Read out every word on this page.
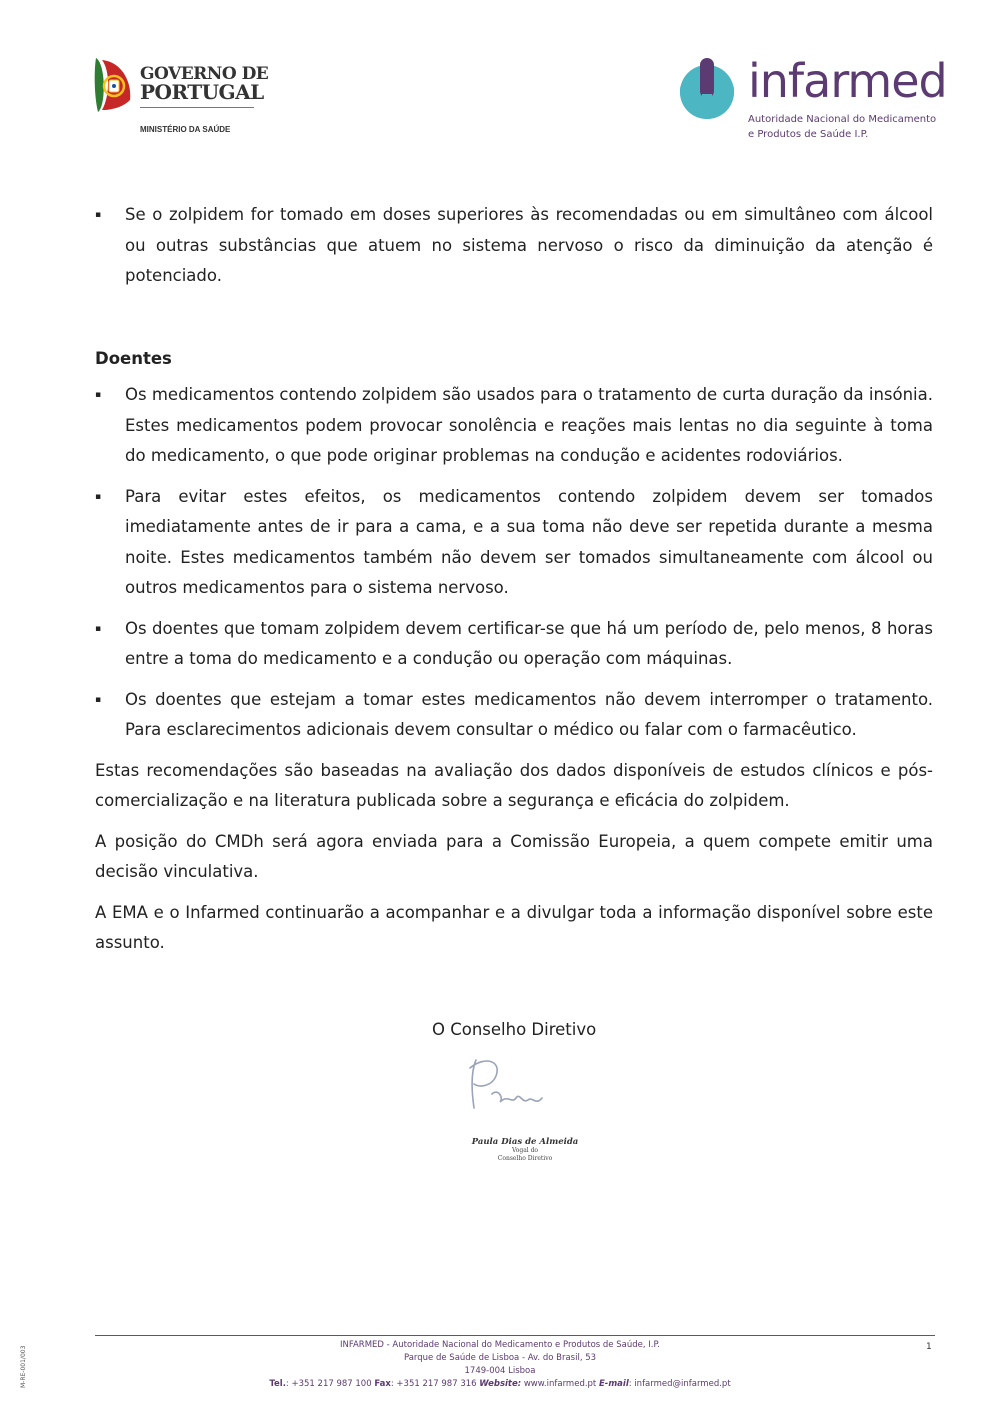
GOVERNO DE
PORTUGAL
MINISTÉRIO DA SAÚDE
infarmed
Autoridade Nacional do Medicamento
e Produtos de Saúde I.P.
▪ Se o zolpidem for tomado em doses superiores às recomendadas ou em simultâneo com álcool ou outras substâncias que atuem no sistema nervoso o risco da diminuição da atenção é potenciado.
Doentes
▪ Os medicamentos contendo zolpidem são usados para o tratamento de curta duração da insónia. Estes medicamentos podem provocar sonolência e reações mais lentas no dia seguinte à toma do medicamento, o que pode originar problemas na condução e acidentes rodoviários.
▪ Para evitar estes efeitos, os medicamentos contendo zolpidem devem ser tomados imediatamente antes de ir para a cama, e a sua toma não deve ser repetida durante a mesma noite. Estes medicamentos também não devem ser tomados simultaneamente com álcool ou outros medicamentos para o sistema nervoso.
▪ Os doentes que tomam zolpidem devem certificar-se que há um período de, pelo menos, 8 horas entre a toma do medicamento e a condução ou operação com máquinas.
▪ Os doentes que estejam a tomar estes medicamentos não devem interromper o tratamento. Para esclarecimentos adicionais devem consultar o médico ou falar com o farmacêutico.

Estas recomendações são baseadas na avaliação dos dados disponíveis de estudos clínicos e pós-comercialização e na literatura publicada sobre a segurança e eficácia do zolpidem.

A posição do CMDh será agora enviada para a Comissão Europeia, a quem compete emitir uma decisão vinculativa.

A EMA e o Infarmed continuarão a acompanhar e a divulgar toda a informação disponível sobre este assunto.

O Conselho Diretivo
Paula Dias de Almeida
Vogal do
Conselho Diretivo
INFARMED - Autoridade Nacional do Medicamento e Produtos de Saúde, I.P.
Parque de Saúde de Lisboa - Av. do Brasil, 53
1749-004 Lisboa
Tel.: +351 217 987 100 Fax: +351 217 987 316 Website: www.infarmed.pt E-mail: infarmed@infarmed.pt
1
M-RE-001/003
